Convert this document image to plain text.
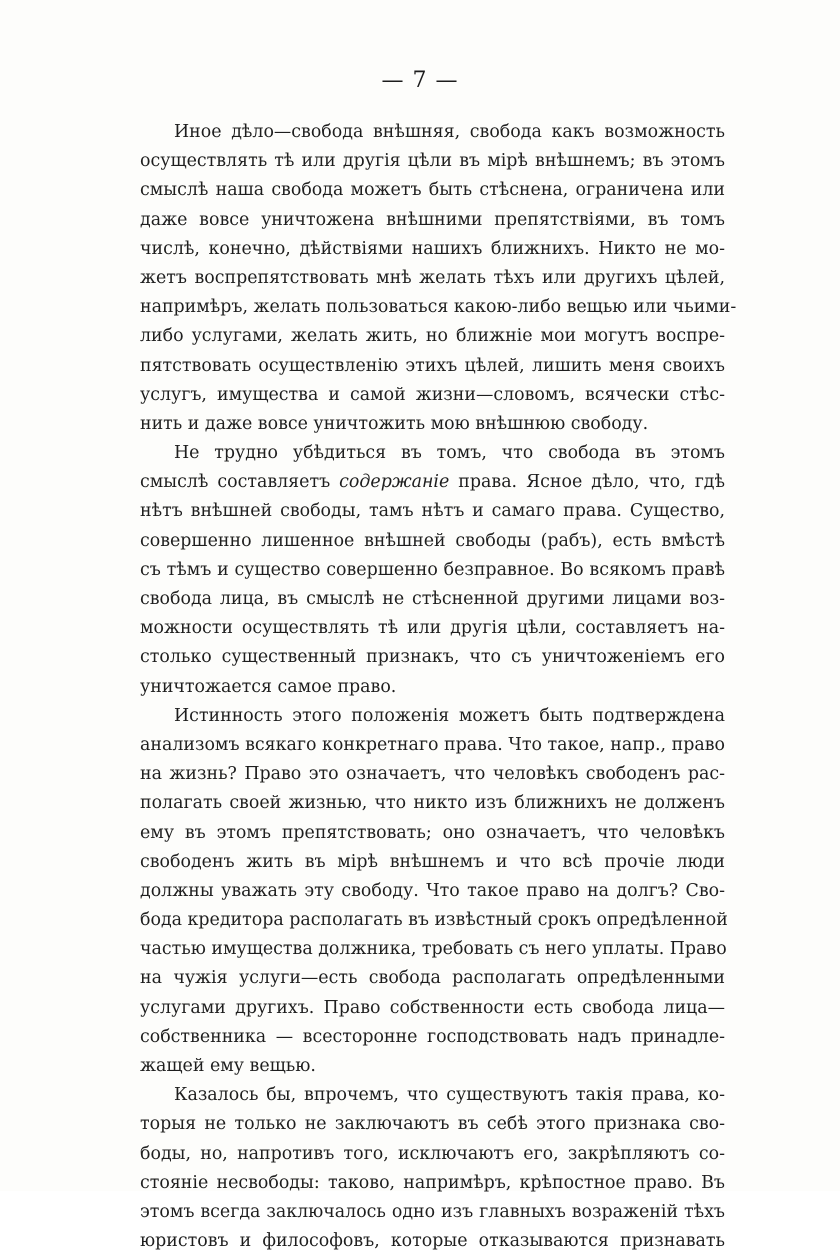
— 7 —
Иное дѣло—свобода внѣшняя, свобода какъ возможность
осуществлять тѣ или другія цѣли въ мірѣ внѣшнемъ; въ этомъ
смыслѣ наша свобода можетъ быть стѣснена, ограничена или
даже вовсе уничтожена внѣшними препятствіями, въ томъ
числѣ, конечно, дѣйствіями нашихъ ближнихъ. Никто не мо-
жетъ воспрепятствовать мнѣ желать тѣхъ или другихъ цѣлей,
напримѣръ, желать пользоваться какою-либо вещью или чьими-
либо услугами, желать жить, но ближніе мои могутъ воспре-
пятствовать осуществленію этихъ цѣлей, лишить меня своихъ
услугъ, имущества и самой жизни—словомъ, всячески стѣс-
нить и даже вовсе уничтожить мою внѣшнюю свободу.
Не трудно убѣдиться въ томъ, что свобода въ этомъ
смыслѣ составляетъ содержаніе права. Ясное дѣло, что, гдѣ
нѣтъ внѣшней свободы, тамъ нѣтъ и самаго права. Существо,
совершенно лишенное внѣшней свободы (рабъ), есть вмѣстѣ
съ тѣмъ и существо совершенно безправное. Во всякомъ правѣ
свобода лица, въ смыслѣ не стѣсненной другими лицами воз-
можности осуществлять тѣ или другія цѣли, составляетъ на-
столько существенный признакъ, что съ уничтоженіемъ его
уничтожается самое право.
Истинность этого положенія можетъ быть подтверждена
анализомъ всякаго конкретнаго права. Что такое, напр., право
на жизнь? Право это означаетъ, что человѣкъ свободенъ рас-
полагать своей жизнью, что никто изъ ближнихъ не долженъ
ему въ этомъ препятствовать; оно означаетъ, что человѣкъ
свободенъ жить въ мірѣ внѣшнемъ и что всѣ прочіе люди
должны уважать эту свободу. Что такое право на долгъ? Сво-
бода кредитора располагать въ извѣстный срокъ опредѣленной
частью имущества должника, требовать съ него уплаты. Право
на чужія услуги—есть свобода располагать опредѣленными
услугами другихъ. Право собственности есть свобода лица—
собственника — всестороннe господствовать надъ принадле-
жащей ему вещью.
Казалось бы, впрочемъ, что существуютъ такія права, ко-
торыя не только не заключаютъ въ себѣ этого признака сво-
боды, но, напротивъ того, исключаютъ его, закрѣпляютъ со-
стояніе несвободы: таково, напримѣръ, крѣпостное право. Въ
этомъ всегда заключалось одно изъ главныхъ возраженій тѣхъ
юристовъ и философовъ, которые отказываются признавать
